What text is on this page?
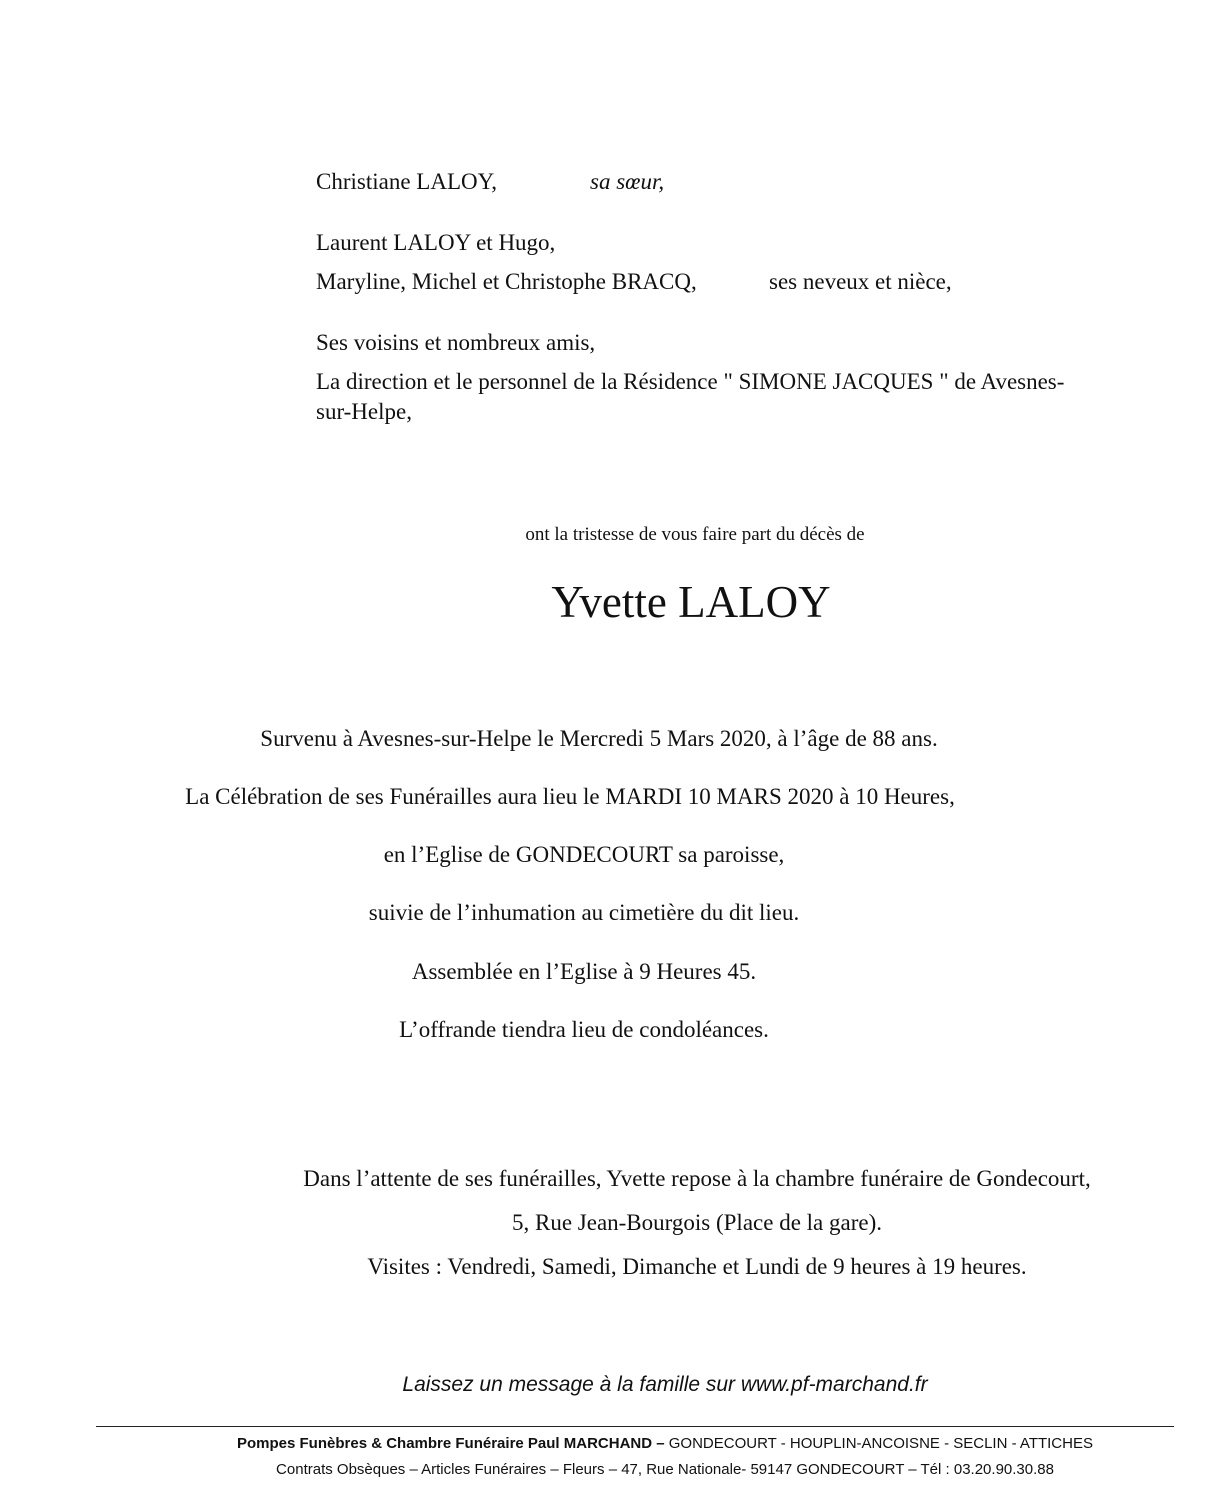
Christiane LALOY,	sa sœur,
Laurent LALOY et Hugo,
Maryline, Michel et Christophe BRACQ,	ses neveux et nièce,
Ses voisins et nombreux amis,
La direction et le personnel de la Résidence " SIMONE JACQUES " de Avesnes-
sur-Helpe,
ont la tristesse de vous faire part du décès de
Yvette LALOY
Survenu à Avesnes-sur-Helpe le Mercredi 5 Mars 2020, à l’âge de 88 ans.
La Célébration de ses Funérailles aura lieu le MARDI 10 MARS 2020 à 10 Heures,
en l’Eglise de GONDECOURT sa paroisse,
suivie de l’inhumation au cimetière du dit lieu.
Assemblée en l’Eglise à 9 Heures 45.
L’offrande tiendra lieu de condoléances.
Dans l’attente de ses funérailles, Yvette repose à la chambre funéraire de Gondecourt,
5, Rue Jean-Bourgois (Place de la gare).
Visites : Vendredi, Samedi, Dimanche et Lundi de 9 heures à 19 heures.
Laissez un message à la famille sur www.pf-marchand.fr
Pompes Funèbres & Chambre Funéraire Paul MARCHAND – GONDECOURT - HOUPLIN-ANCOISNE - SECLIN - ATTICHES
Contrats Obsèques – Articles Funéraires – Fleurs – 47, Rue Nationale- 59147 GONDECOURT – Tél : 03.20.90.30.88
